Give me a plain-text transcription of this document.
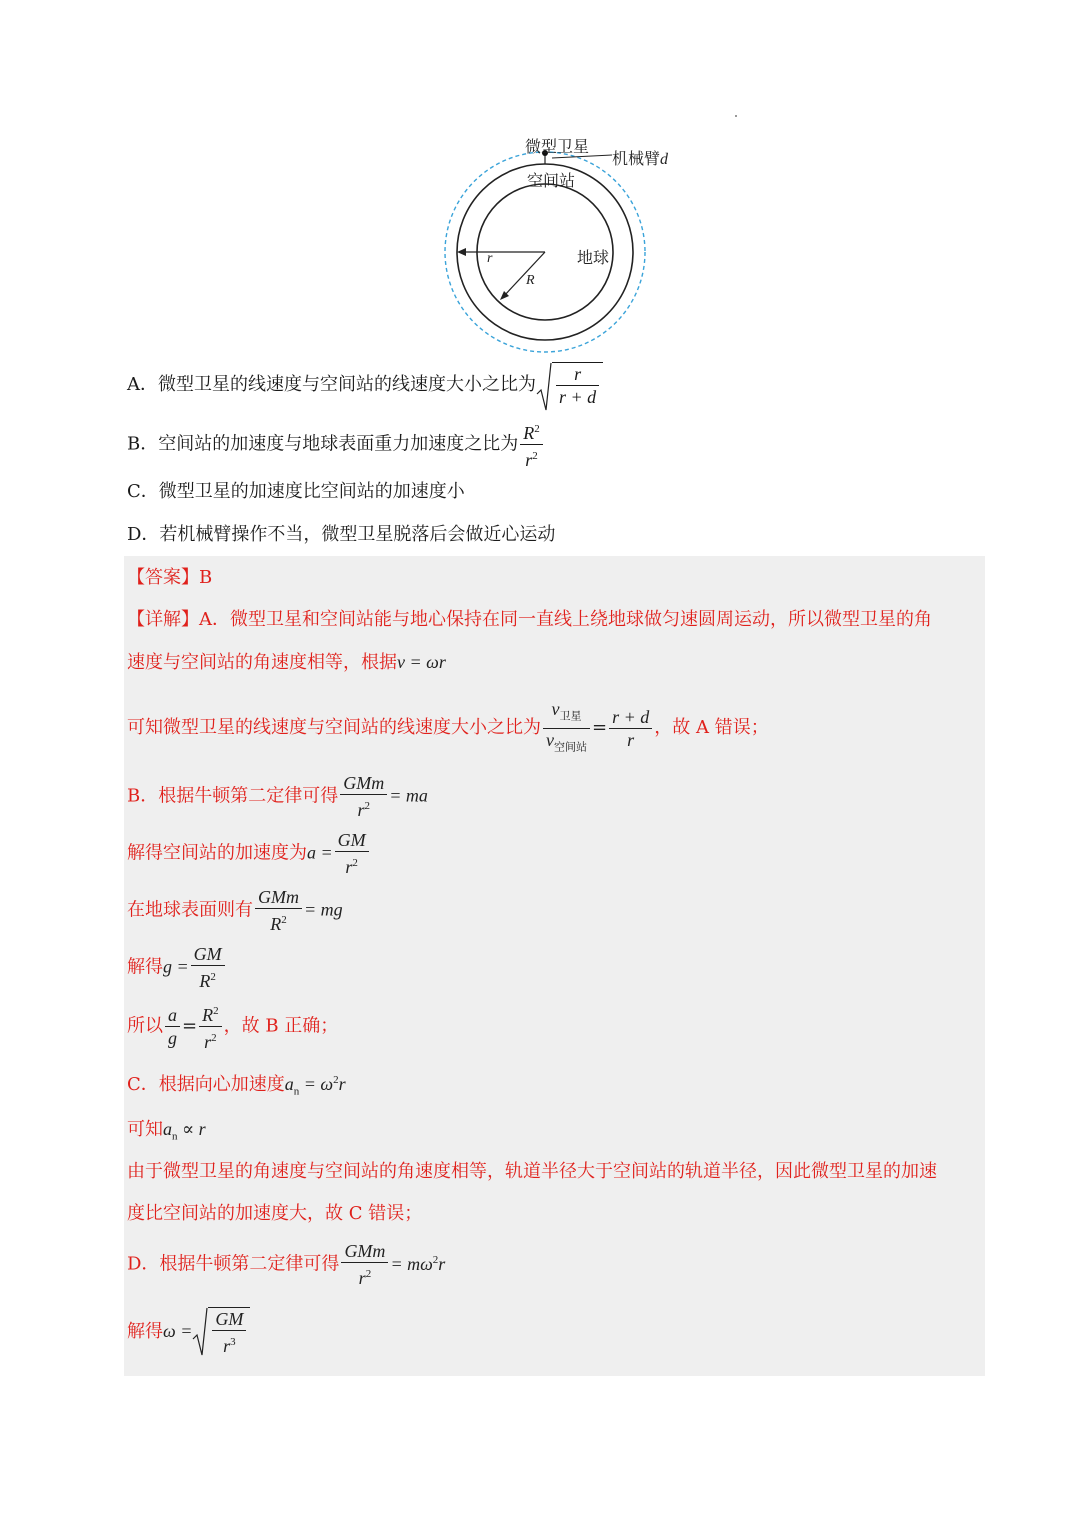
微型卫星
机械臂d
空间站
地球
r
R
A．微型卫星的线速度与空间站的线速度大小之比为 $\frac{r}{r + d}$
B．空间站的加速度与地球表面重力加速度之比为 $\frac{R^2}{r^2}$
C．微型卫星的加速度比空间站的加速度小
D．若机械臂操作不当，微型卫星脱落后会做近心运动
【答案】B
【详解】A．微型卫星和空间站能与地心保持在同一直线上绕地球做匀速圆周运动，所以微型卫星的角
速度与空间站的角速度相等，根据v = ωr
可知微型卫星的线速度与空间站的线速度大小之比为 $\frac{v_{卫星}}{v_{空间站}} = \frac{r + d}{r}$ ，故 A 错误；
B．根据牛顿第二定律可得 $\frac{\text{GMm}}{r^2}$ = ma
解得空间站的加速度为$a = \frac{GM}{r^2}$
在地球表面则有 $\frac{\text{GMm}}{R^2}$ = mg
解得$g = \frac{GM}{R^2}$
所以 $\frac{a}{g} = \frac{R^2}{r^2}$ ，故 B 正确；
C．根据向心加速度$a_n = \omega^2r$
可知$a_n \propto r$
由于微型卫星的角速度与空间站的角速度相等，轨道半径大于空间站的轨道半径，因此微型卫星的加速
度比空间站的加速度大，故 C 错误；
D．根据牛顿第二定律可得 $\frac{\text{GMm}}{r^2} = m\omega^2r$
解得$\omega = \frac{GM}{r^3}$
